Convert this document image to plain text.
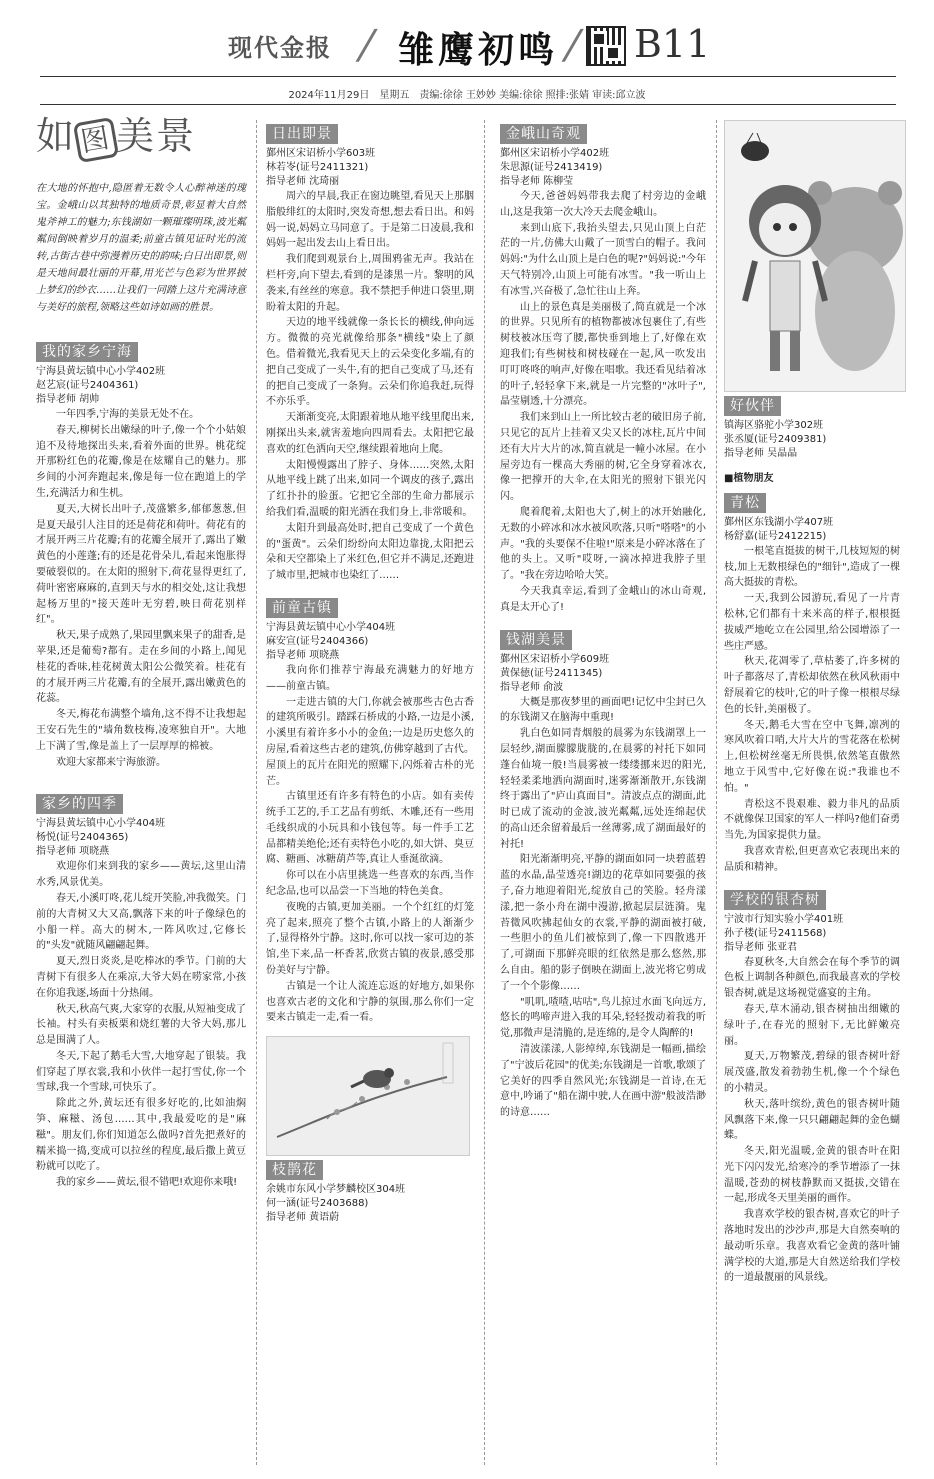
现代金报 / 雏鹰初鸣 / B11
2024年11月29日　星期五　责编:徐徐 王妙妙 美编:徐徐 照排:张婧 审读:邱立波
如图美景

在大地的怀抱中,隐匿着无数令人心醉神迷的瑰宝。金峨山以其独特的地质奇景,彰显着大自然鬼斧神工的魅力;东钱湖如一颗璀璨明珠,波光粼粼间倒映着岁月的温柔;前童古镇见证时光的流转,古街古巷中弥漫着历史的韵味;白日出即景,则是天地间最壮丽的开幕,用光芒与色彩为世界披上梦幻的纱衣……让我们一同踏上这片充满诗意与美好的旅程,领略这些如诗如画的胜景。

我的家乡宁海
宁海县黄坛镇中心小学402班
赵艺宸(证号2404361)
指导老师 胡帅

一年四季,宁海的美景无处不在。

春天,柳树长出嫩绿的叶子,像一个个小姑娘追不及待地探出头来,看着外面的世界。桃花绽开那粉红色的花瓣,像是在炫耀自己的魅力。那乡间的小河奔跑起来,像是每一位在跑道上的学生,充满活力和生机。

夏天,大树长出叶子,茂盛繁多,郁郁葱葱,但是夏天最引人注目的还是荷花和荷叶。荷花有的才展开两三片花瓣;有的花瓣全展开了,露出了嫩黄色的小莲蓬;有的还是花骨朵儿,看起来饱胀得要破裂似的。在太阳的照射下,荷花显得更红了,荷叶密密麻麻的,直到天与水的相交处,这让我想起杨万里的"接天莲叶无穷碧,映日荷花别样红"。

秋天,果子成熟了,果园里飘来果子的甜香,是苹果,还是葡萄?都有。走在乡间的小路上,闻见桂花的香味,桂花树黄太阳公公微笑着。桂花有的才展开两三片花瓣,有的全展开,露出嫩黄色的花蕊。

冬天,梅花布满整个墙角,这不得不让我想起王安石先生的"墙角数枝梅,凌寒独自开"。大地上下满了雪,像是盖上了一层厚厚的棉被。

欢迎大家都来宁海旅游。

家乡的四季
宁海县黄坛镇中心小学404班
杨悦(证号2404365)
指导老师 项晓燕

欢迎你们来到我的家乡——黄坛,这里山清水秀,风景优美。

春天,小溪叮咚,花儿绽开笑脸,冲我微笑。门前的大青树又大又高,飘落下来的叶子像绿色的小船一样。高大的树木,一阵风吹过,它修长的"头发"就随风翩翩起舞。

夏天,烈日炎炎,是吃棒冰的季节。门前的大青树下有很多人在乘凉,大爷大妈在唠家常,小孩在你追我逐,场面十分热闹。

秋天,秋高气爽,大家穿的衣服,从短袖变成了长袖。村头有卖板栗和烧红薯的大爷大妈,那儿总是围满了人。

冬天,下起了鹅毛大雪,大地穿起了银装。我们穿起了厚衣裳,我和小伙伴一起打雪仗,你一个雪球,我一个雪球,可快乐了。

除此之外,黄坛还有很多好吃的,比如油焖笋、麻糍、汤包……其中,我最爱吃的是"麻糍"。朋友们,你们知道怎么做吗?首先把煮好的糯米捣一捣,变成可以拉丝的程度,最后撒上黄豆粉就可以吃了。

我的家乡——黄坛,很不错吧!欢迎你来哦!

日出即景
鄞州区宋诏桥小学603班
林若岺(证号2411321)
指导老师 沈琦丽

周六的早晨,我正在窗边眺望,看见天上那胭脂般绯红的太阳时,突发奇想,想去看日出。和妈妈一说,妈妈立马同意了。于是第二日凌晨,我和妈妈一起出发去山上看日出。

我们爬到观景台上,周围鸦雀无声。我站在栏杆旁,向下望去,看到的是漆黑一片。黎明的风袭来,有丝丝的寒意。我不禁把手伸进口袋里,期盼着太阳的升起。

天边的地平线就像一条长长的横线,伸向远方。微微的亮光就像给那条"横线"染上了颜色。借着微光,我看见天上的云朵变化多端,有的把自己变成了一头牛,有的把自己变成了马,还有的把自己变成了一条狗。云朵们你追我赶,玩得不亦乐乎。

天渐渐变亮,太阳跟着地从地平线里爬出来,刚探出头来,就害羞地向四周看去。太阳把它最喜欢的红色洒向天空,继续跟着地向上爬。

太阳慢慢露出了脖子、身体……突然,太阳从地平线上跳了出来,如同一个调皮的孩子,露出了红扑扑的脸蛋。它把它全部的生命力都展示给我们看,温暖的阳光洒在我们身上,非常暖和。

太阳升到最高处时,把自己变成了一个黄色的"蛋黄"。云朵们纷纷向太阳边靠拢,太阳把云朵和天空都染上了米红色,但它并不满足,还跑进了城市里,把城市也染红了……

前童古镇
宁海县黄坛镇中心小学404班
麻安宣(证号2404366)
指导老师 项晓燕

我向你们推荐宁海最充满魅力的好地方——前童古镇。

一走进古镇的大门,你就会被那些古色古香的建筑所吸引。踏踩石桥成的小路,一边是小溪,小溪里有着许多小小的金鱼;一边是历史悠久的房屋,看着这些古老的建筑,仿佛穿越到了古代。屋顶上的瓦片在阳光的照耀下,闪烁着古朴的光芒。

古镇里还有许多有特色的小店。如有卖传统手工艺的,手工艺品有剪纸、木雕,还有一些用毛线织成的小玩具和小钱包等。每一件手工艺品都精美绝伦;还有卖特色小吃的,如大饼、臭豆腐、糖画、冰糖葫芦等,真让人垂涎欲滴。

你可以在小店里挑选一些喜欢的东西,当作纪念品,也可以品尝一下当地的特色美食。

夜晚的古镇,更加美丽。一个个红红的灯笼亮了起来,照亮了整个古镇,小路上的人渐渐少了,显得格外宁静。这时,你可以找一家可边的茶馆,坐下来,品一杯香茗,欣赏古镇的夜景,感受那份美好与宁静。

古镇是一个让人流连忘返的好地方,如果你也喜欢古老的文化和宁静的氛围,那么你们一定要来古镇走一走,看一看。

枝鹊花
余姚市东风小学梦麟校区304班
何一涵(证号2403688)
指导老师 黄语蔚
金峨山奇观
鄞州区宋诏桥小学402班
朱思源(证号2413419)
指导老师 陈柳莹

今天,爸爸妈妈带我去爬了村旁边的金峨山,这是我第一次大冷天去爬金峨山。

来到山底下,我抬头望去,只见山顶上白茫茫的一片,仿佛大山戴了一顶雪白的帽子。我问妈妈:"为什么山顶上是白色的呢?"妈妈说:"今年天气特别冷,山顶上可能有冰雪。"我一听山上有冰雪,兴奋极了,急忙往山上奔。

山上的景色真是美丽极了,简直就是一个冰的世界。只见所有的植物都被冰包裹住了,有些树枝被冰压弯了腰,都快垂到地上了,好像在欢迎我们;有些树枝和树枝碰在一起,风一吹发出叮叮咚咚的响声,好像在唱歌。我还看见结着冰的叶子,轻轻拿下来,就是一片完整的"冰叶子",晶莹剔透,十分漂亮。

我们来到山上一所比较古老的破旧房子前,只见它的瓦片上挂着又尖又长的冰柱,瓦片中间还有大片大片的冰,简直就是一幢小冰屋。在小屋旁边有一棵高大秀丽的树,它全身穿着冰衣,像一把撑开的大伞,在太阳光的照射下银光闪闪。

爬着爬着,太阳也大了,树上的冰开始融化,无数的小碎冰和冰水被风吹落,只听"嗒嗒"的小声。"我的头要保不住啦!"原来是小碎冰落在了他的头上。又听"哎呀,一滴冰掉进我脖子里了。"我在旁边哈哈大笑。

今天我真幸运,看到了金峨山的冰山奇观,真是太开心了!

钱湖美景
鄞州区宋诏桥小学609班
黄保徳(证号2411345)
指导老师 俞波

大概是那夜梦里的画面吧!记忆中尘封已久的东钱湖又在脑海中重现!

乳白色如同青烟般的晨雾为东钱湖罩上一层轻纱,湖面朦朦胧胧的,在晨雾的衬托下如同蓬台仙境一般!当晨雾被一缕缕挪来迟的阳光,轻轻柔柔地洒向湖面时,迷雾渐渐散开,东钱湖终于露出了"庐山真面目"。清波点点的湖面,此时已成了流动的金波,波光粼粼,远处连绵起伏的高山还余留着最后一丝薄雾,成了湖面最好的衬托!

阳光渐渐明亮,平静的湖面如同一块碧蓝碧蓝的水晶,晶莹透亮!湖边的花草如同要强的孩子,奋力地迎着阳光,绽放自己的笑脸。轻舟漾漾,把一条小舟在湖中漫游,掀起层层涟漪。鬼苔微风吹拂起仙女的衣裳,平静的湖面被打破,一些胆小的鱼儿们被惊到了,像一下四散逃开了,可湖面下那鲜亮眼的红依然是那么悠然,那么自由。船的影子倒映在湖面上,波光将它剪成了一个个影像……

"叽叽,喳喳,咕咕",鸟儿掠过水面飞向远方,悠长的鸣啼声进入我的耳朵,轻轻拨动着我的听觉,那微声是清脆的,是连绵的,是令人陶醉的!

清波漾漾,人影绰绰,东钱湖是一幅画,描绘了"宁波后花园"的优美;东钱湖是一首歌,歌颂了它美好的四季自然风光;东钱湖是一首诗,在无意中,吟诵了"船在湖中驶,人在画中游"般波浩渺的诗意……

好伙伴
镇海区骆驼小学302班
张丞厦(证号2409381)
指导老师 吴晶晶
■植物朋友
青松
鄞州区东钱湖小学407班
杨舒嘉(证号2412215)

一根笔直挺拔的树干,几枝短短的树枝,加上无数根绿色的"细针",造成了一棵高大挺拔的青松。

一天,我到公园游玩,看见了一片青松林,它们都有十来米高的样子,根根挺拔威严地屹立在公园里,给公园增添了一些庄严感。

秋天,花凋零了,草枯萎了,许多树的叶子都落尽了,青松却依然在秋风秋雨中舒展着它的枝叶,它的叶子像一根根尽绿色的长针,美丽极了。

冬天,鹅毛大雪在空中飞舞,凛冽的寒风吹着口哨,大片大片的雪花落在松树上,但松树丝毫无所畏惧,依然笔直傲然地立于风雪中,它好像在说:"我谁也不怕。"

青松这不畏艰难、毅力非凡的品质不就像保卫国家的军人一样吗?他们奋勇当先,为国家提供力量。

我喜欢青松,但更喜欢它表现出来的品质和精神。

学校的银杏树
宁波市行知实验小学401班
孙子楼(证号2411568)
指导老师 张亚君

春夏秋冬,大自然会在每个季节的调色板上调制各种颜色,而我最喜欢的学校银杏树,就是这场视觉盛宴的主角。

春天,草木涌动,银杏树抽出细嫩的绿叶子,在春光的照射下,无比鲜嫩亮丽。

夏天,万物繁茂,碧绿的银杏树叶舒展茂盛,散发着勃勃生机,像一个个绿色的小精灵。

秋天,落叶缤纷,黄色的银杏树叶随风飘落下来,像一只只翩翩起舞的金色蝴蝶。

冬天,阳光温暖,金黄的银杏叶在阳光下闪闪发光,给寒冷的季节增添了一抹温暖,苍劲的树枝静默而又挺拔,交错在一起,形成冬天里美丽的画作。

我喜欢学校的银杏树,喜欢它的叶子落地时发出的沙沙声,那是大自然奏响的最动听乐章。我喜欢看它金黄的落叶铺满学校的大道,那是大自然送给我们学校的一道最靓丽的风景线。
